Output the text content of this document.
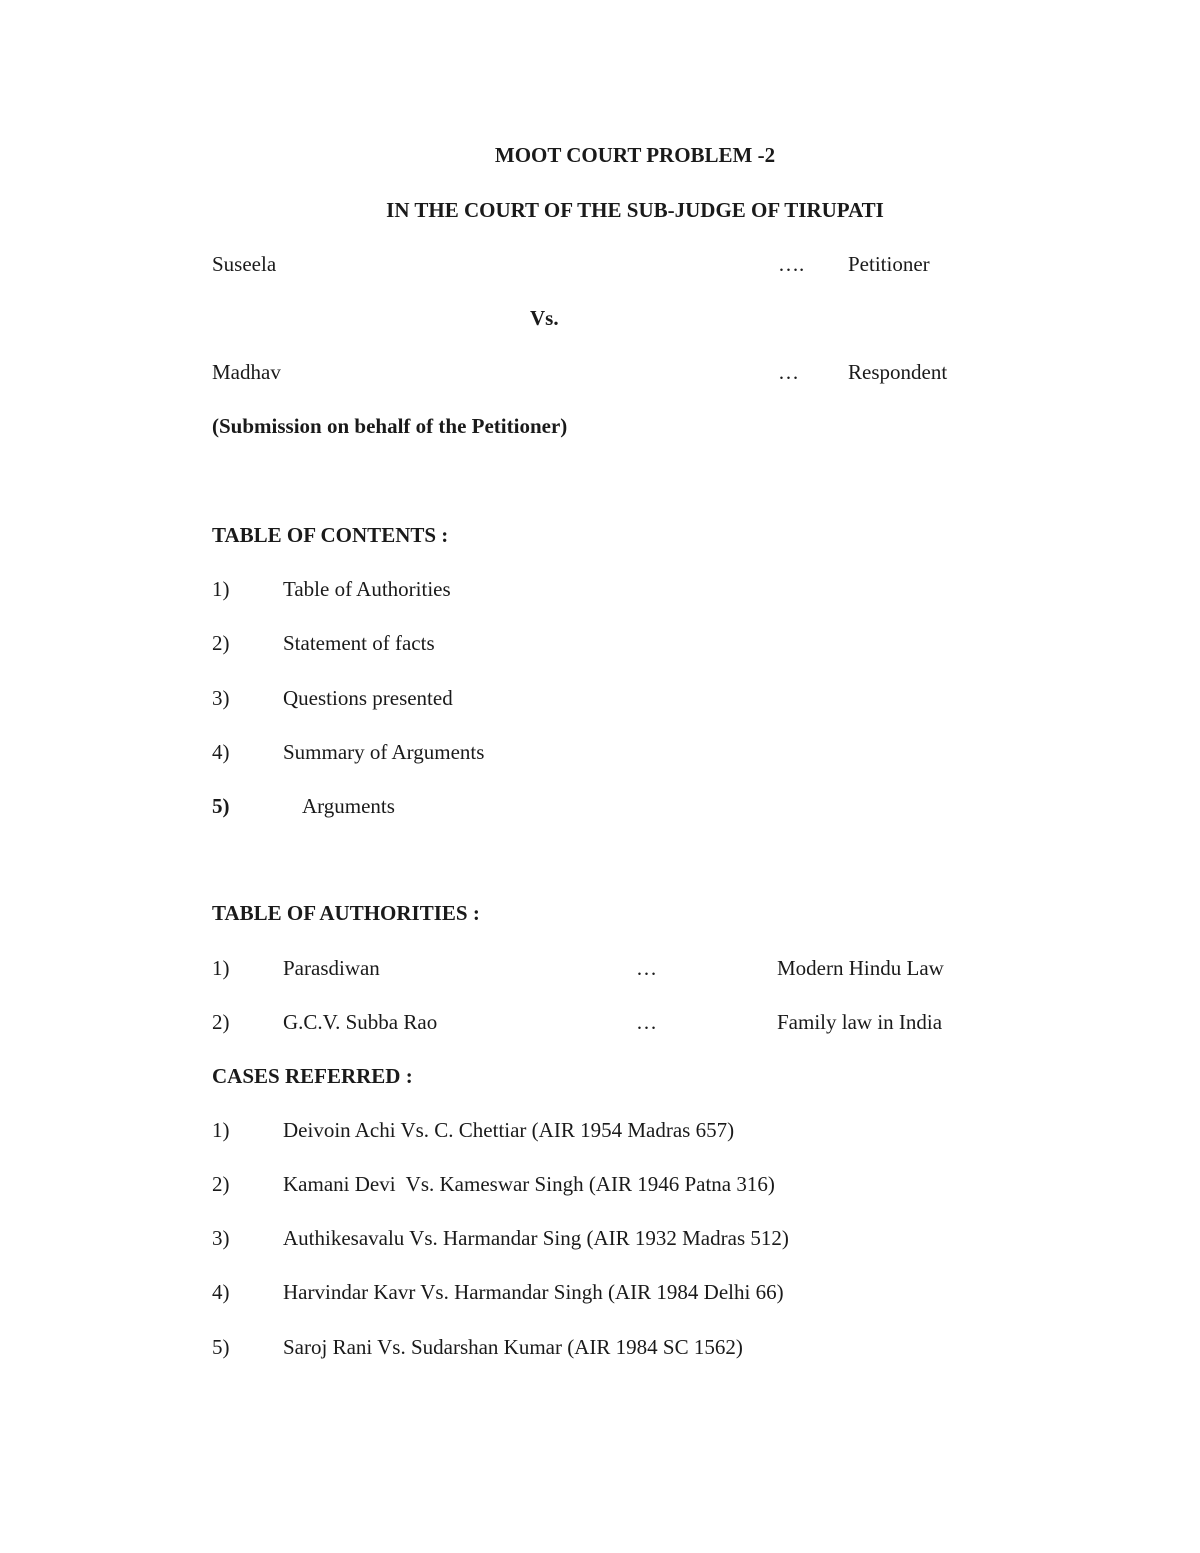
MOOT COURT PROBLEM -2
IN THE COURT OF THE SUB-JUDGE OF TIRUPATI
Suseela	…. Petitioner
Vs.
Madhav	… Respondent
(Submission on behalf of the Petitioner)
TABLE OF CONTENTS :
1)	Table of Authorities
2)	Statement of facts
3)	Questions presented
4)	Summary of Arguments
5)	Arguments
TABLE OF AUTHORITIES :
1)	Parasdiwan	…	Modern Hindu Law
2)	G.C.V. Subba Rao	…	Family law in India
CASES REFERRED :
1)	Deivoin Achi Vs. C. Chettiar (AIR 1954 Madras 657)
2)	Kamani Devi  Vs. Kameswar Singh (AIR 1946 Patna 316)
3)	Authikesavalu Vs. Harmandar Sing (AIR 1932 Madras 512)
4)	Harvindar Kavr Vs. Harmandar Singh (AIR 1984 Delhi 66)
5)	Saroj Rani Vs. Sudarshan Kumar (AIR 1984 SC 1562)
